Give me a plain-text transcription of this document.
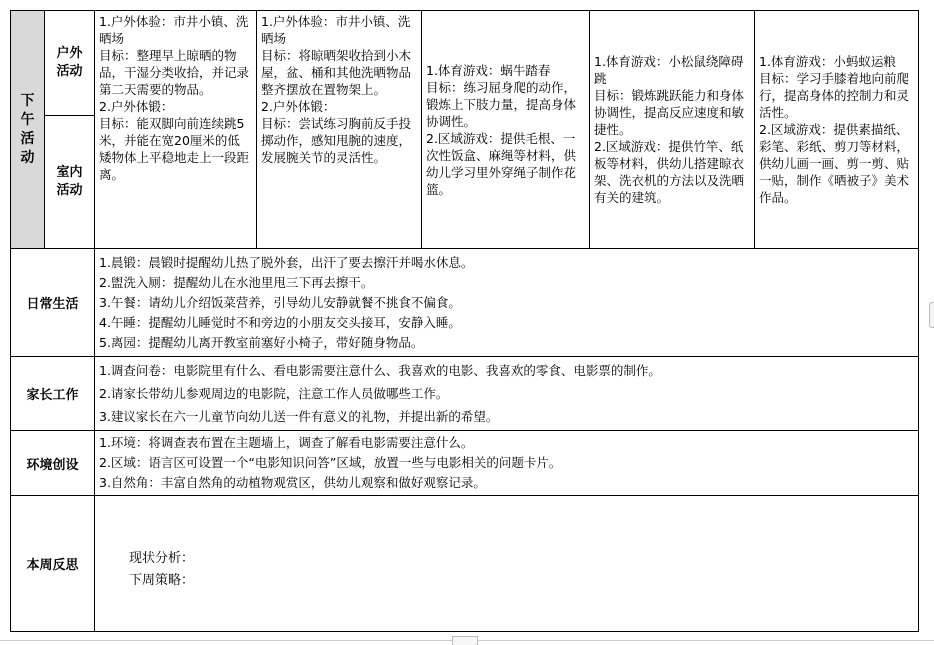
下午活动	户外活动	1.户外体验：市井小镇、洗晒场
目标：整理早上晾晒的物品，干湿分类收拾，并记录第二天需要的物品。
2.户外体锻：
目标：能双脚向前连续跳5米，并能在宽20厘米的低矮物体上平稳地走上一段距离。	1.户外体验：市井小镇、洗晒场
目标：将晾晒架收拾到小木屋，盆、桶和其他洗晒物品整齐摆放在置物架上。
2.户外体锻：
目标：尝试练习胸前反手投掷动作，感知甩腕的速度，发展腕关节的灵活性。	1.体育游戏：蜗牛踏春
目标：练习屈身爬的动作，锻炼上下肢力量，提高身体协调性。
2.区域游戏：提供毛根、一次性饭盒、麻绳等材料，供幼儿学习里外穿绳子制作花篮。	1.体育游戏：小松鼠绕障碍跳
目标：锻炼跳跃能力和身体协调性，提高反应速度和敏捷性。
2.区域游戏：提供竹竿、纸板等材料，供幼儿搭建晾衣架、洗衣机的方法以及洗晒有关的建筑。	1.体育游戏：小蚂蚁运粮
目标：学习手膝着地向前爬行，提高身体的控制力和灵活性。
2.区域游戏：提供素描纸、彩笔、彩纸、剪刀等材料，供幼儿画一画、剪一剪、贴一贴，制作《晒被子》美术作品。

	室内活动					
日常生活		1.晨锻：晨锻时提醒幼儿热了脱外套，出汗了要去擦汗并喝水休息。
2.盥洗入厕：提醒幼儿在水池里甩三下再去擦干。
3.午餐：请幼儿介绍饭菜营养，引导幼儿安静就餐不挑食不偏食。
4.午睡：提醒幼儿睡觉时不和旁边的小朋友交头接耳，安静入睡。
5.离园：提醒幼儿离开教室前塞好小椅子，带好随身物品。				

家长工作		1.调查问卷：电影院里有什么、看电影需要注意什么、我喜欢的电影、我喜欢的零食、电影票的制作。
2.请家长带幼儿参观周边的电影院，注意工作人员做哪些工作。
3.建议家长在六一儿童节向幼儿送一件有意义的礼物，并提出新的希望。				

环境创设		1.环境：将调查表布置在主题墙上，调查了解看电影需要注意什么。
2.区域：语言区可设置一个“电影知识问答”区域，放置一些与电影相关的问题卡片。
3.自然角：丰富自然角的动植物观赏区，供幼儿观察和做好观察记录。				

本周反思		现状分析：
下周策略：				
